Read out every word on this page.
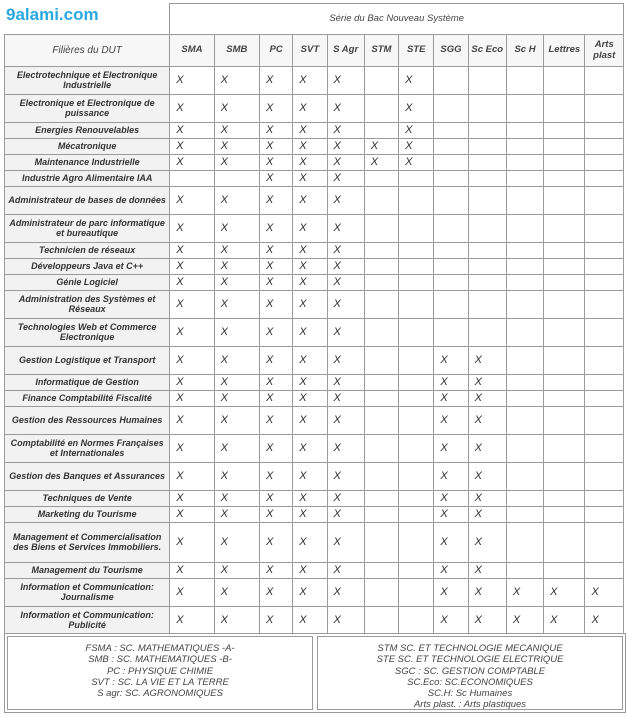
	Série du Bac Nouveau Système											
Filières du DUT	SMA	SMB	PC	SVT	S Agr	STM	STE	SGG	Sc Eco	Sc H	Lettres	Arts plast
Electrotechnique et Electronique Industrielle	X	X	X	X	X		X					
Electronique et Electronique de puissance	X	X	X	X	X		X					
Energies Renouvelables	X	X	X	X	X		X					
Mécatronique	X	X	X	X	X	X	X					
Maintenance Industrielle	X	X	X	X	X	X	X					
Industrie Agro Alimentaire IAA			X	X	X							
Administrateur de bases de données	X	X	X	X	X							
Administrateur de parc informatique et bureautique	X	X	X	X	X							
Technicien de réseaux	X	X	X	X	X							
Développeurs Java et C++	X	X	X	X	X							
Génie Logiciel	X	X	X	X	X							
Administration des Systèmes et Réseaux	X	X	X	X	X							
Technologies Web et Commerce Electronique	X	X	X	X	X							
Gestion Logistique et Transport	X	X	X	X	X			X	X			
Informatique de Gestion	X	X	X	X	X			X	X			
Finance Comptabilité Fiscalité	X	X	X	X	X			X	X			
Gestion des Ressources Humaines	X	X	X	X	X			X	X			
Comptabilité en Normes Françaises et Internationales	X	X	X	X	X			X	X			
Gestion des Banques et Assurances	X	X	X	X	X			X	X			
Techniques de Vente	X	X	X	X	X			X	X			
Marketing du Tourisme	X	X	X	X	X			X	X			
Management et Commercialisation des Biens et Services Immobiliers.	X	X	X	X	X			X	X			
Management du Tourisme	X	X	X	X	X			X	X			
Information et Communication: Journalisme	X	X	X	X	X			X	X	X	X	X
Information et Communication: Publicité	X	X	X	X	X			X	X	X	X	X
9alami.com
FSMA : SC. MATHEMATIQUES -A-
SMB : SC. MATHEMATIQUES -B-
PC : PHYSIQUE CHIMIE
SVT : SC. LA VIE ET LA TERRE
S agr: SC. AGRONOMIQUES
STM SC. ET TECHNOLOGIE MECANIQUE
STE SC. ET TECHNOLOGIE ELECTRIQUE
SGC : SC. GESTION COMPTABLE
SC.Eco: SC.ECONOMIQUES
SC.H: Sc Humaines
Arts plast. : Arts plastiques
